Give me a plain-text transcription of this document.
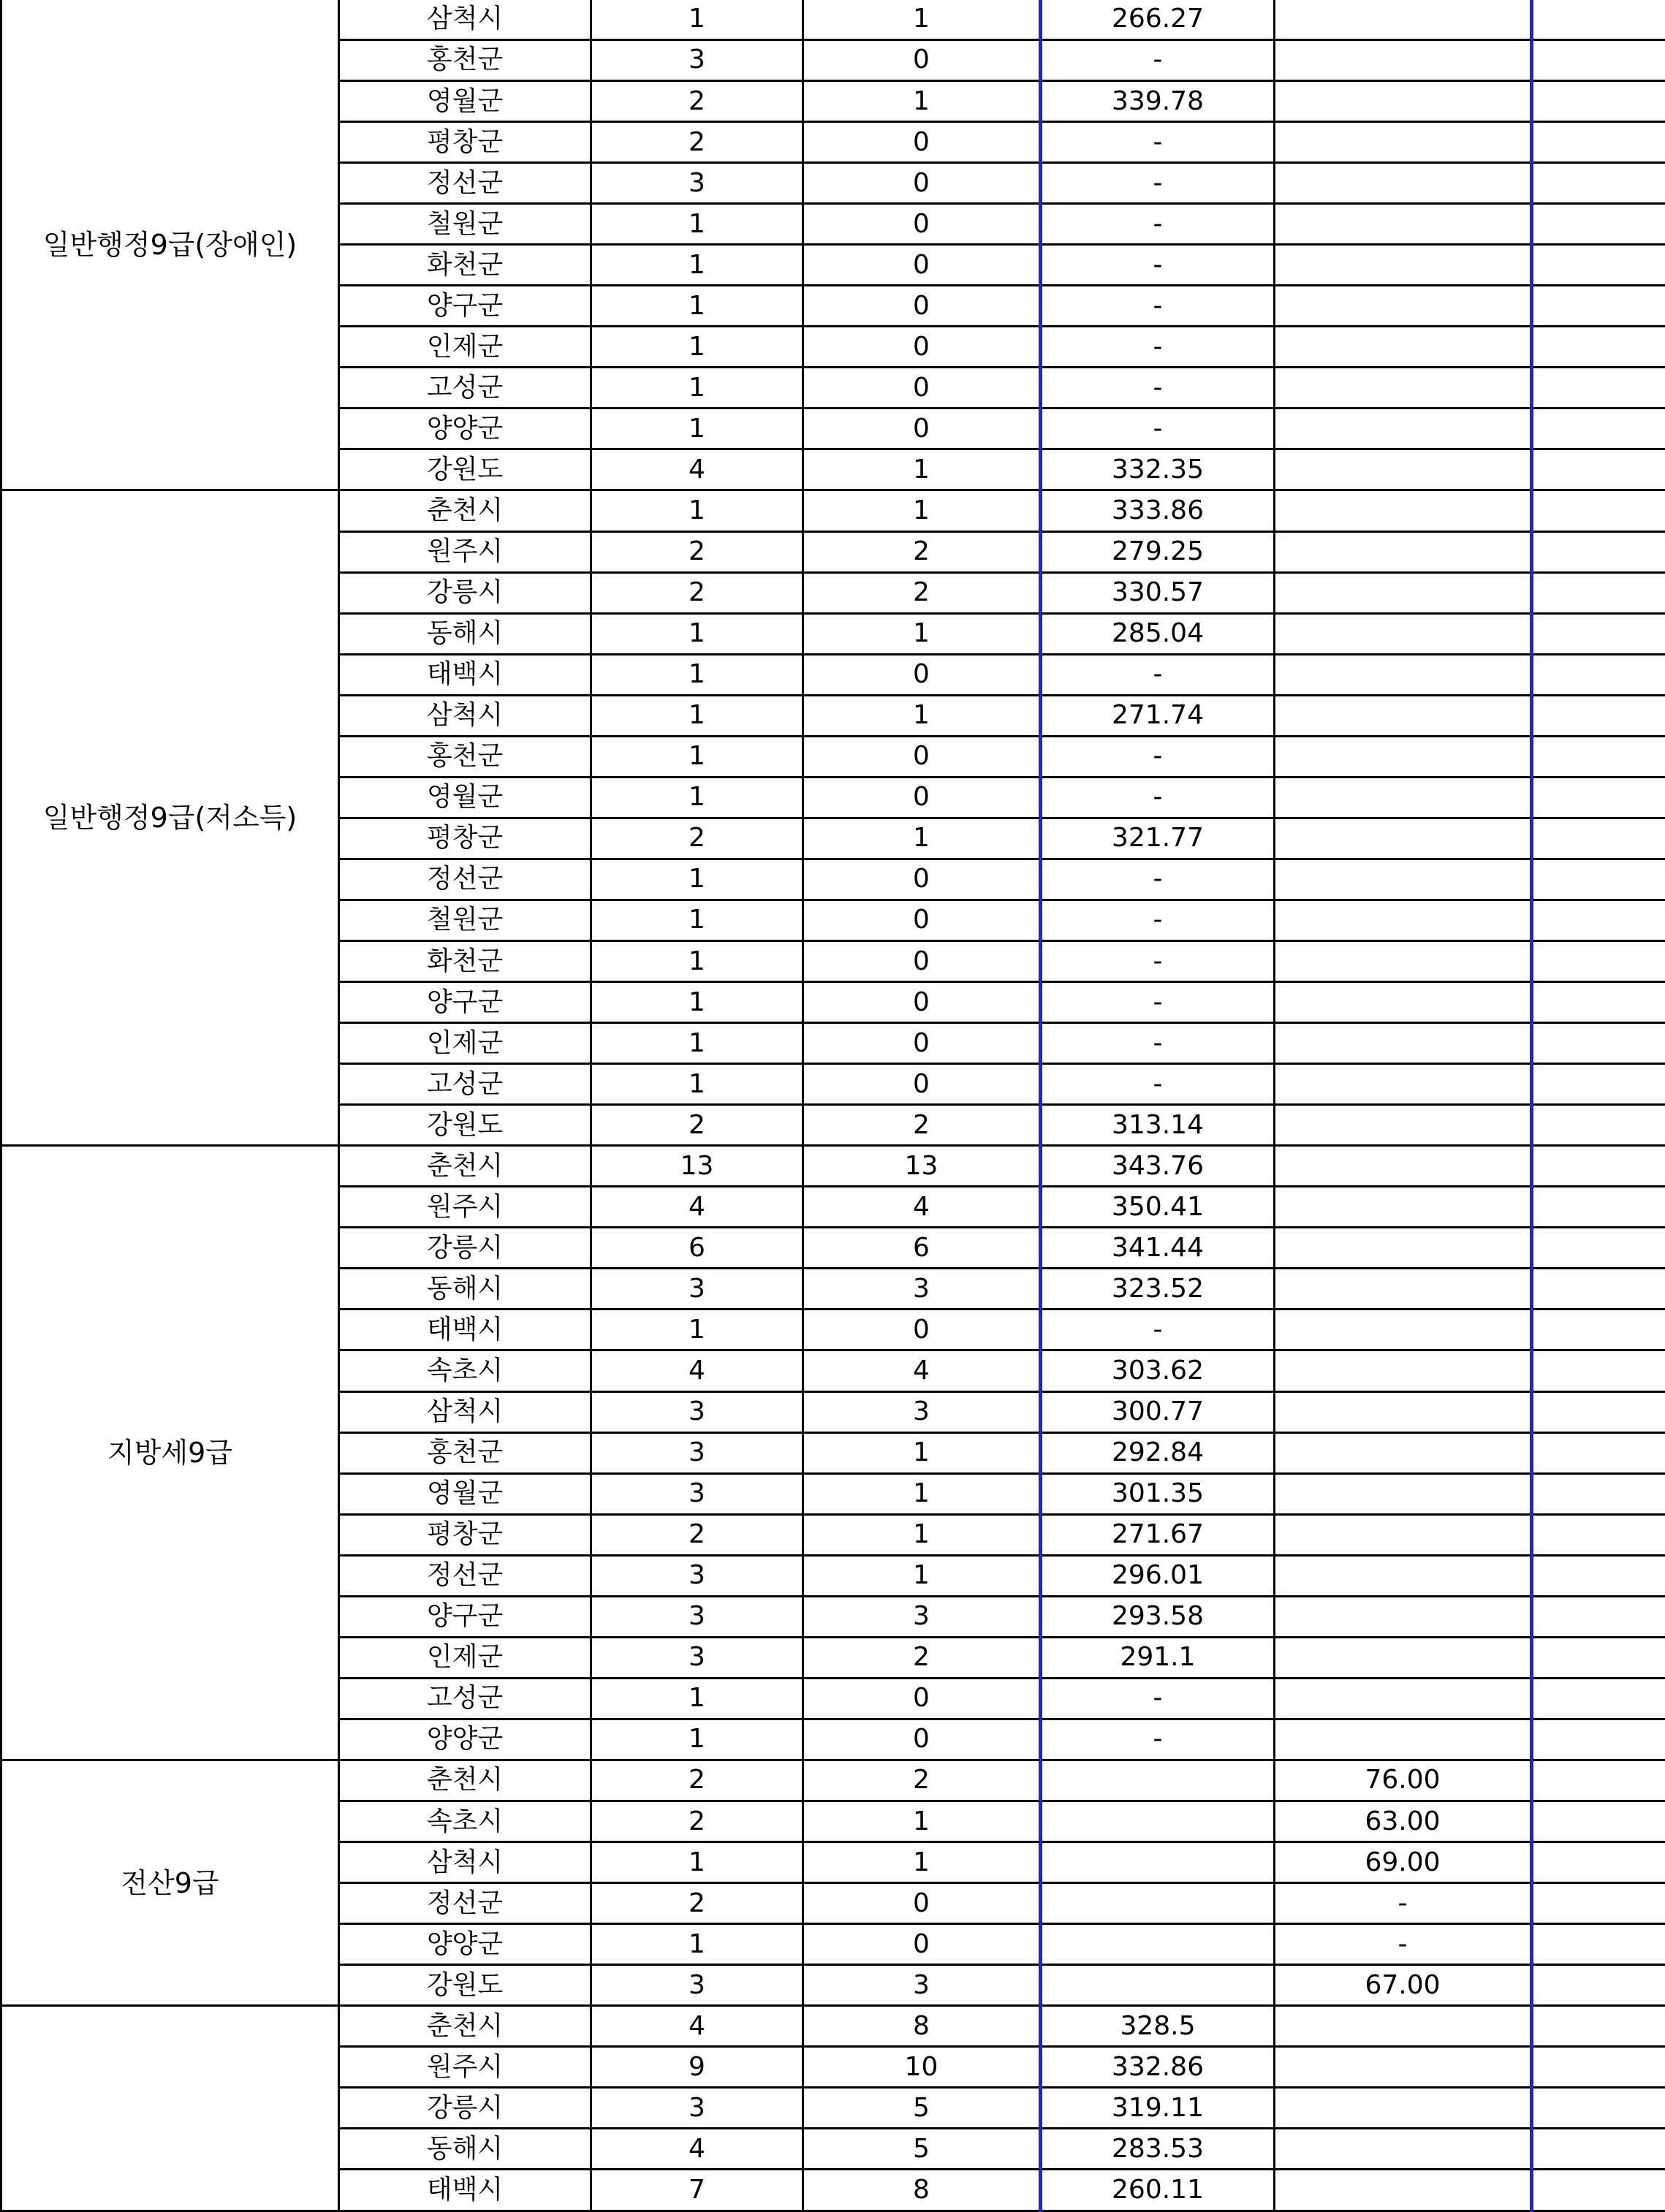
일반행정9급(장애인)	삼척시	1	1	266.27		
	홍천군	3	0	-		
	영월군	2	1	339.78		
	평창군	2	0	-		
	정선군	3	0	-		
	철원군	1	0	-		
	화천군	1	0	-		
	양구군	1	0	-		
	인제군	1	0	-		
	고성군	1	0	-		
	양양군	1	0	-		
	강원도	4	1	332.35		
일반행정9급(저소득)	춘천시	1	1	333.86		
	원주시	2	2	279.25		
	강릉시	2	2	330.57		
	동해시	1	1	285.04		
	태백시	1	0	-		
	삼척시	1	1	271.74		
	홍천군	1	0	-		
	영월군	1	0	-		
	평창군	2	1	321.77		
	정선군	1	0	-		
	철원군	1	0	-		
	화천군	1	0	-		
	양구군	1	0	-		
	인제군	1	0	-		
	고성군	1	0	-		
	강원도	2	2	313.14		
지방세9급	춘천시	13	13	343.76		
	원주시	4	4	350.41		
	강릉시	6	6	341.44		
	동해시	3	3	323.52		
	태백시	1	0	-		
	속초시	4	4	303.62		
	삼척시	3	3	300.77		
	홍천군	3	1	292.84		
	영월군	3	1	301.35		
	평창군	2	1	271.67		
	정선군	3	1	296.01		
	양구군	3	3	293.58		
	인제군	3	2	291.1		
	고성군	1	0	-		
	양양군	1	0	-		
전산9급	춘천시	2	2		76.00	
	속초시	2	1		63.00	
	삼척시	1	1		69.00	
	정선군	2	0		-	
	양양군	1	0		-	
	강원도	3	3		67.00	
	춘천시	4	8	328.5		
	원주시	9	10	332.86		
	강릉시	3	5	319.11		
	동해시	4	5	283.53		
	태백시	7	8	260.11		
